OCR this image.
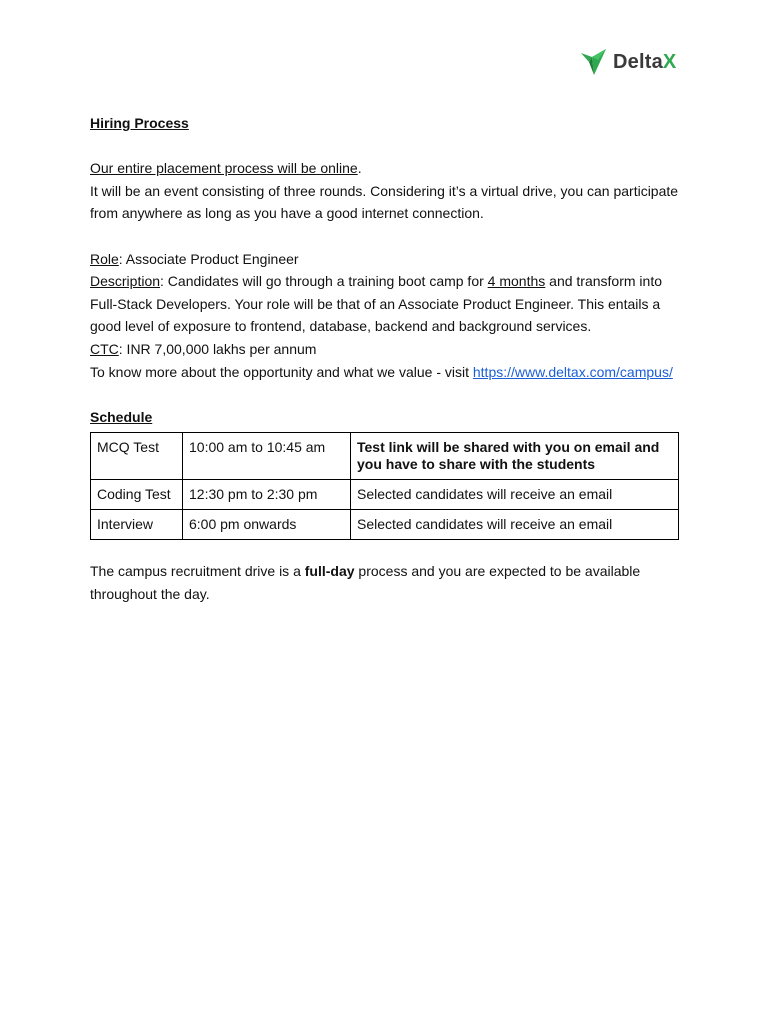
DeltaX

Hiring Process

Our entire placement process will be online.

It will be an event consisting of three rounds. Considering it’s a virtual drive, you can participate from anywhere as long as you have a good internet connection.

Role: Associate Product Engineer

Description: Candidates will go through a training boot camp for 4 months and transform into Full-Stack Developers. Your role will be that of an Associate Product Engineer. This entails a good level of exposure to frontend, database, backend and background services.

CTC: INR 7,00,000 lakhs per annum

To know more about the opportunity and what we value - visit https://www.deltax.com/campus/

Schedule

MCQ Test	10:00 am to 10:45 am	Test link will be shared with you on email and you have to share with the students
Coding Test	12:30 pm to 2:30 pm	Selected candidates will receive an email
Interview	6:00 pm onwards	Selected candidates will receive an email

The campus recruitment drive is a full-day process and you are expected to be available throughout the day.
